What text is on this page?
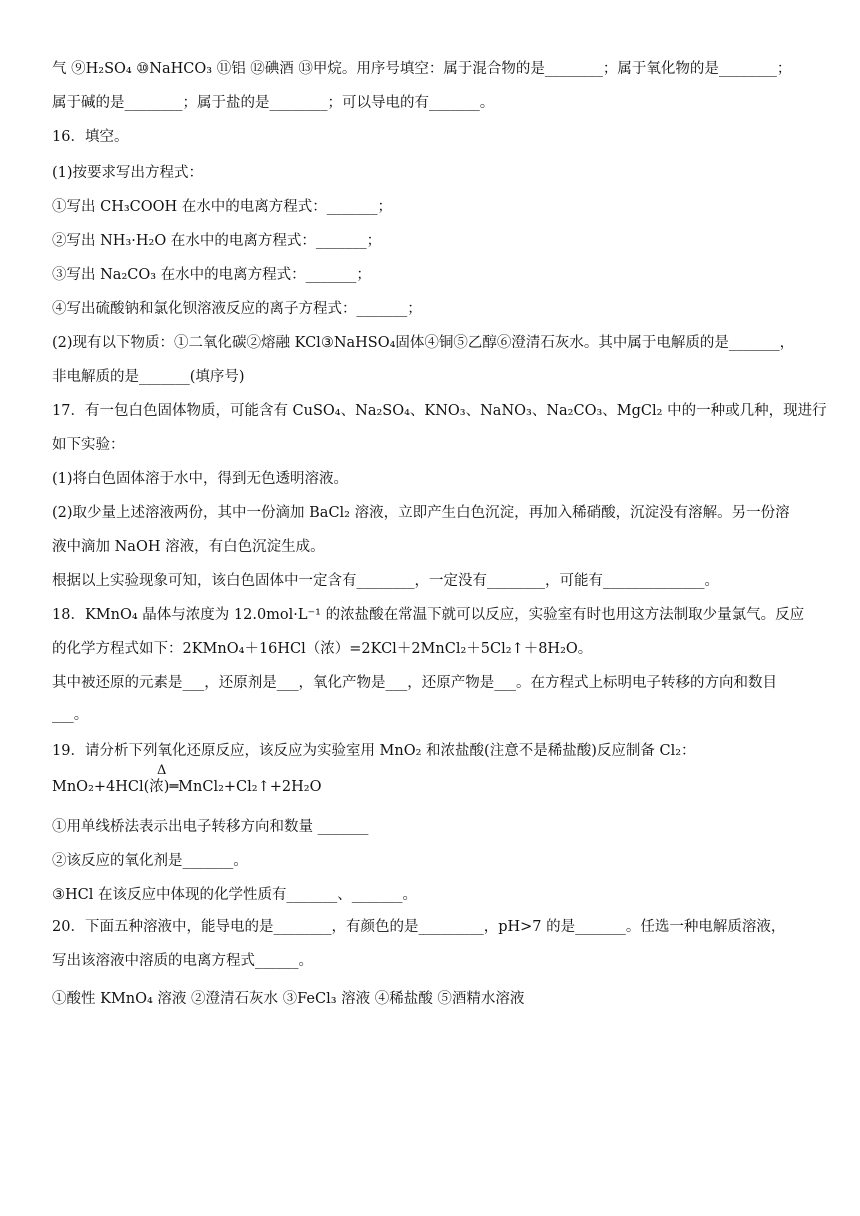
气 ⑨H₂SO₄ ⑩NaHCO₃ ⑪铝 ⑫碘酒 ⑬甲烷。用序号填空：属于混合物的是________；属于氧化物的是________；
属于碱的是________；属于盐的是________；可以导电的有_______。
16．填空。
(1)按要求写出方程式：
①写出 CH₃COOH 在水中的电离方程式：_______；
②写出 NH₃·H₂O 在水中的电离方程式：_______；
③写出 Na₂CO₃ 在水中的电离方程式：_______；
④写出硫酸钠和氯化钡溶液反应的离子方程式：_______；
(2)现有以下物质：①二氧化碳②熔融 KCl③NaHSO₄固体④铜⑤乙醇⑥澄清石灰水。其中属于电解质的是_______，
非电解质的是_______(填序号)
17．有一包白色固体物质，可能含有 CuSO₄、Na₂SO₄、KNO₃、NaNO₃、Na₂CO₃、MgCl₂ 中的一种或几种，现进行
如下实验：
(1)将白色固体溶于水中，得到无色透明溶液。
(2)取少量上述溶液两份，其中一份滴加 BaCl₂ 溶液，立即产生白色沉淀，再加入稀硝酸，沉淀没有溶解。另一份溶
液中滴加 NaOH 溶液，有白色沉淀生成。
根据以上实验现象可知，该白色固体中一定含有________，一定没有________，可能有______________。
18．KMnO₄ 晶体与浓度为 12.0mol·L⁻¹ 的浓盐酸在常温下就可以反应，实验室有时也用这方法制取少量氯气。反应
的化学方程式如下：2KMnO₄＋16HCl（浓）=2KCl＋2MnCl₂＋5Cl₂↑＋8H₂O。
其中被还原的元素是___，还原剂是___，氧化产物是___，还原产物是___。在方程式上标明电子转移的方向和数目
___。
19．请分析下列氧化还原反应，该反应为实验室用 MnO₂ 和浓盐酸(注意不是稀盐酸)反应制备 Cl₂：
Δ
MnO₂+4HCl(浓)═MnCl₂+Cl₂↑+2H₂O
①用单线桥法表示出电子转移方向和数量 _______
②该反应的氧化剂是_______。
③HCl 在该反应中体现的化学性质有_______、_______。
20．下面五种溶液中，能导电的是________，有颜色的是_________，pH>7 的是_______。任选一种电解质溶液，
写出该溶液中溶质的电离方程式______。
①酸性 KMnO₄ 溶液 ②澄清石灰水 ③FeCl₃ 溶液 ④稀盐酸 ⑤酒精水溶液
